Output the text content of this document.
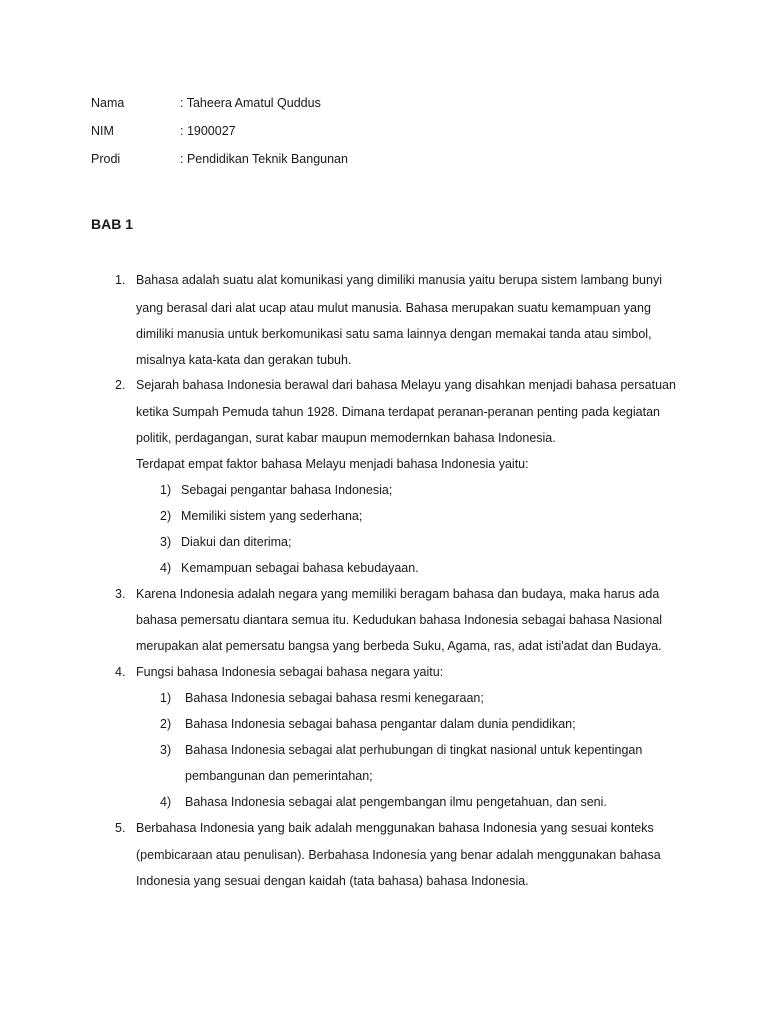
Nama	: Taheera Amatul Quddus
NIM	: 1900027
Prodi	: Pendidikan Teknik Bangunan
BAB 1
1. Bahasa adalah suatu alat komunikasi yang dimiliki manusia yaitu berupa sistem lambang bunyi
yang berasal dari alat ucap atau mulut manusia. Bahasa merupakan suatu kemampuan yang
dimiliki manusia untuk berkomunikasi satu sama lainnya dengan memakai tanda atau simbol,
misalnya kata-kata dan gerakan tubuh.
2. Sejarah bahasa Indonesia berawal dari bahasa Melayu yang disahkan menjadi bahasa persatuan
ketika Sumpah Pemuda tahun 1928. Dimana terdapat peranan-peranan penting pada kegiatan
politik, perdagangan, surat kabar maupun memodernkan bahasa Indonesia.
Terdapat empat faktor bahasa Melayu menjadi bahasa Indonesia yaitu:
1) Sebagai pengantar bahasa Indonesia;
2) Memiliki sistem yang sederhana;
3) Diakui dan diterima;
4) Kemampuan sebagai bahasa kebudayaan.
3. Karena Indonesia adalah negara yang memiliki beragam bahasa dan budaya, maka harus ada
bahasa pemersatu diantara semua itu. Kedudukan bahasa Indonesia sebagai bahasa Nasional
merupakan alat pemersatu bangsa yang berbeda Suku, Agama, ras, adat isti'adat dan Budaya.
4. Fungsi bahasa Indonesia sebagai bahasa negara yaitu:
1) Bahasa Indonesia sebagai bahasa resmi kenegaraan;
2) Bahasa Indonesia sebagai bahasa pengantar dalam dunia pendidikan;
3) Bahasa Indonesia sebagai alat perhubungan di tingkat nasional untuk kepentingan
pembangunan dan pemerintahan;
4) Bahasa Indonesia sebagai alat pengembangan ilmu pengetahuan, dan seni.
5. Berbahasa Indonesia yang baik adalah menggunakan bahasa Indonesia yang sesuai konteks
(pembicaraan atau penulisan). Berbahasa Indonesia yang benar adalah menggunakan bahasa
Indonesia yang sesuai dengan kaidah (tata bahasa) bahasa Indonesia.
